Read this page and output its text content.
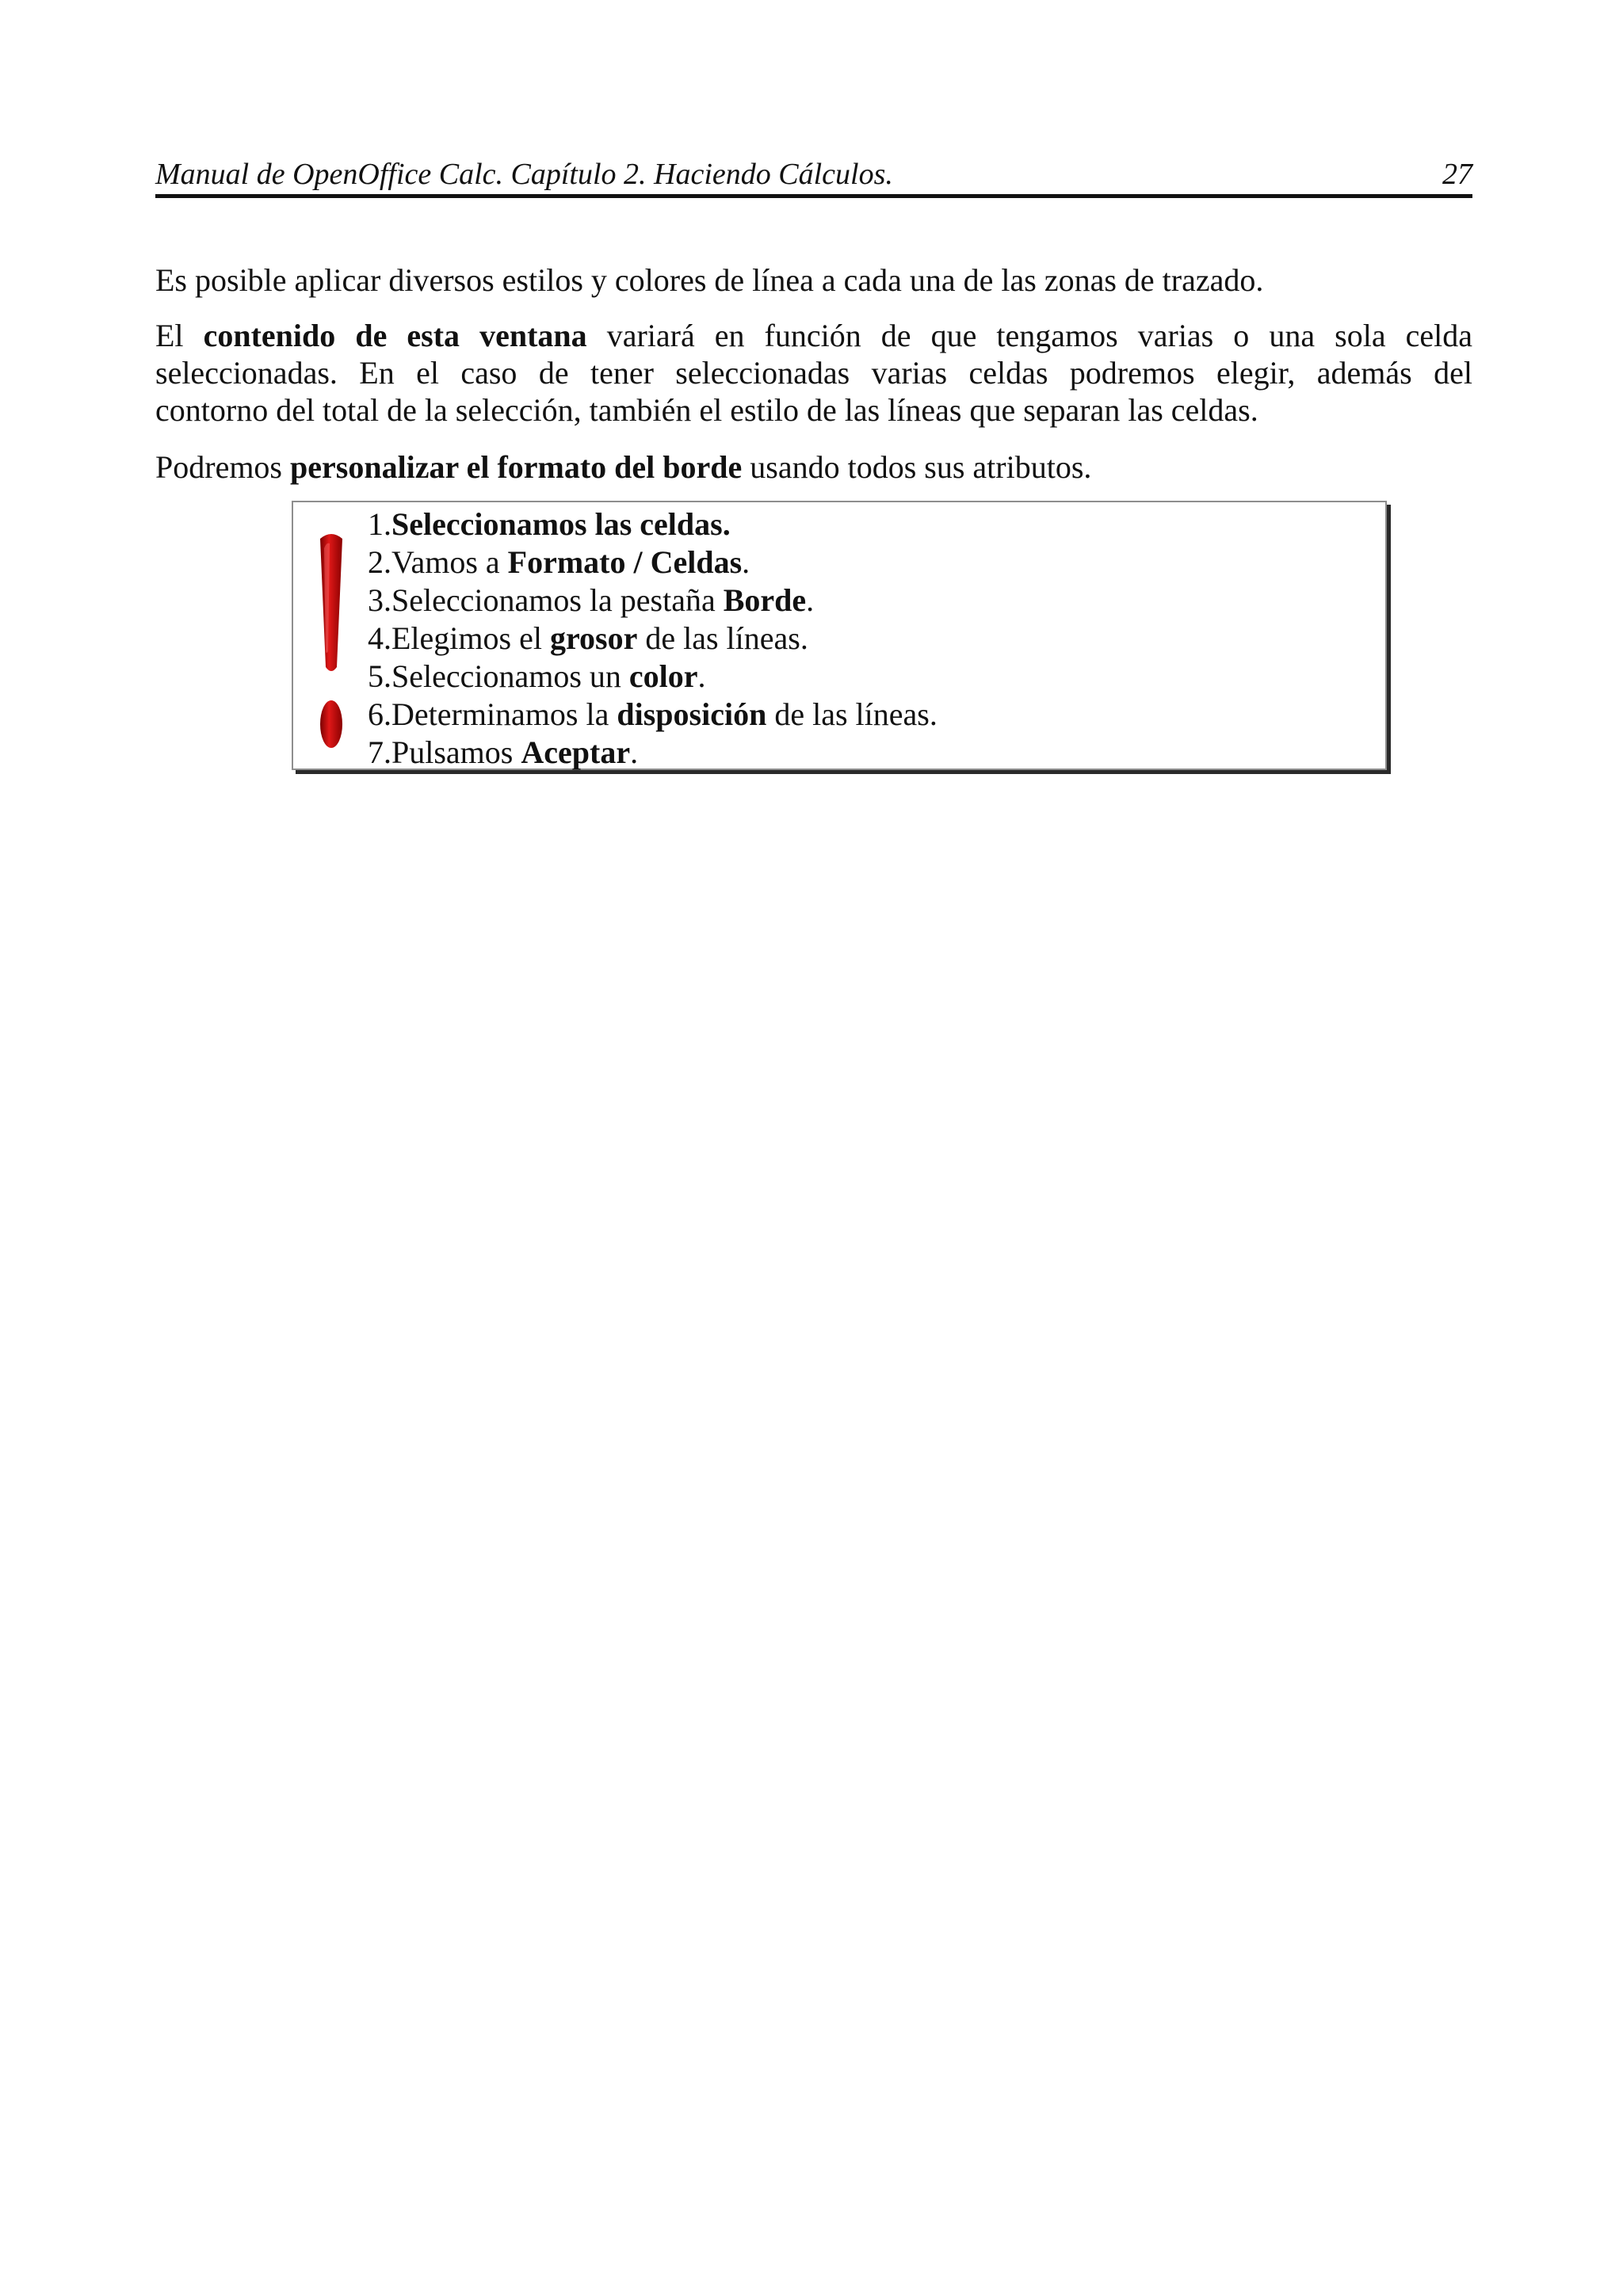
Manual de OpenOffice Calc. Capítulo 2. Haciendo Cálculos.	27
Es posible aplicar diversos estilos y colores de línea a cada una de las zonas de trazado.
El contenido de esta ventana variará en función de que tengamos varias o una sola celda
seleccionadas. En el caso de tener seleccionadas varias celdas podremos elegir, además del
contorno del total de la selección, también el estilo de las líneas que separan las celdas.
Podremos personalizar el formato del borde usando todos sus atributos.
1.Seleccionamos las celdas.
2.Vamos a Formato / Celdas.
3.Seleccionamos la pestaña Borde.
4.Elegimos el grosor de las líneas.
5.Seleccionamos un color.
6.Determinamos la disposición de las líneas.
7.Pulsamos Aceptar.
